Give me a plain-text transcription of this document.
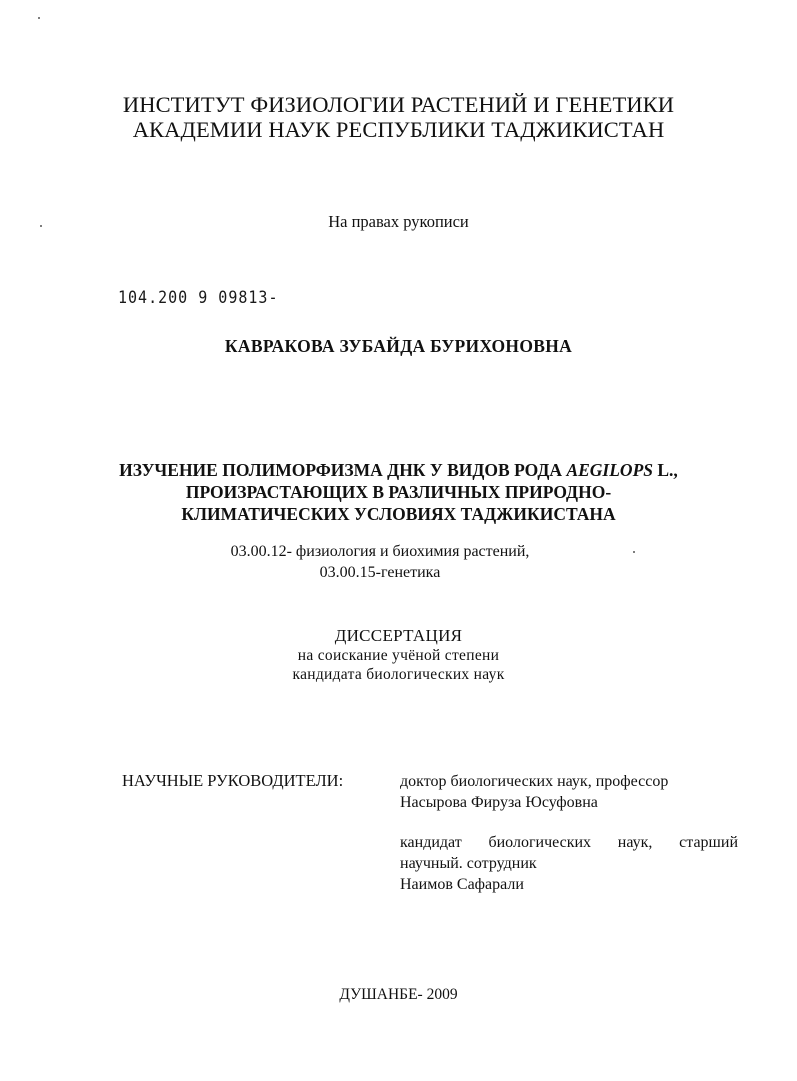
ИНСТИТУТ ФИЗИОЛОГИИ РАСТЕНИЙ И ГЕНЕТИКИ
АКАДЕМИИ НАУК РЕСПУБЛИКИ ТАДЖИКИСТАН
На правах рукописи
104.200 9 09813-
КАВРАКОВА ЗУБАЙДА БУРИХОНОВНА
ИЗУЧЕНИЕ ПОЛИМОРФИЗМА ДНК У ВИДОВ РОДА AEGILOPS L.,
ПРОИЗРАСТАЮЩИХ В РАЗЛИЧНЫХ ПРИРОДНО-
КЛИМАТИЧЕСКИХ УСЛОВИЯХ ТАДЖИКИСТАНА
03.00.12- физиология и биохимия растений,
03.00.15-генетика
ДИССЕРТАЦИЯ
на соискание учёной степени
кандидата биологических наук
НАУЧНЫЕ РУКОВОДИТЕЛИ:	доктор биологических наук, профессор
Насырова Фируза Юсуфовна
кандидат биологических наук, старший
научный. сотрудник
Наимов Сафарали
ДУШАНБЕ- 2009
